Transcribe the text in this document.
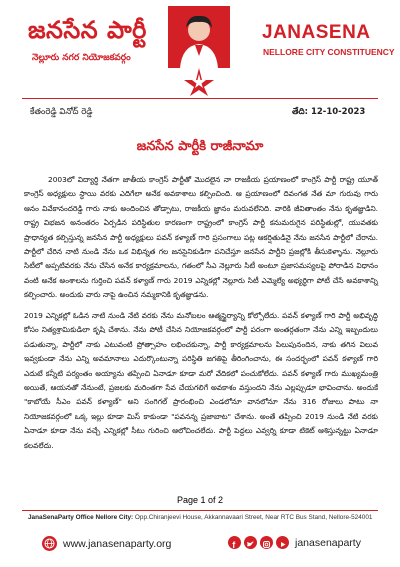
జనసేన పార్టీ
నెల్లూరు నగర నియోజకవర్గం
JANASENA
NELLORE CITY CONSTITUENCY
కేతంరెడ్డి వినోద్ రెడ్డి	తేది: 12-10-2023
జనసేన పార్టీకి రాజీనామా

2003లో విద్యార్థి నేతగా జాతీయ కాంగ్రెస్ పార్టీతో మొదలైన నా రాజకీయ ప్రయాణంలో కాంగ్రెస్ పార్టీ రాష్ట్ర యూత్ కాంగ్రెస్ అధ్యక్షులు స్థాయి వరకు ఎదిగేలా అనేక అవకాశాలు కల్పించింది. ఆ ప్రయాణంలో దివంగత నేత మా గురువు గారు ఆనం వివేకానందరెడ్డి గారు నాకు అందించిన తోడ్పాటు, రాజకీయ జ్ఞానం మరువలేనిది. వారికి జీవితాంతం నేను కృతజ్ఞుడిని. రాష్ట్ర విభజన అనంతరం ఏర్పడిన పరిస్థితుల కారణంగా రాష్ట్రంలో కాంగ్రెస్ పార్టీ కనుమరుగైన పరిస్థితుల్లో, యువతకు ప్రాధాన్యత కల్పిస్తున్న జనసేన పార్టీ అధ్యక్షులు పవన్ కళ్యాణ్ గారి ప్రసంగాలు పట్ల ఆకర్షితుడినై నేను జనసేన పార్టీలో చేరాను. పార్టీలో చేరిన నాటి నుండి నేను ఒక విభిన్నత గల జనసైనికుడిగా పనిచేస్తూ జనసేన పార్టీని ప్రజల్లోకి తీసుకెళ్ళాను. నెల్లూరు సిటీలో అప్పటివరకు నేను చేసిన అనేక కార్యక్రమాలను, గతంలో సీఎ నెల్లూరు సిటీ అంటూ ప్రజాసమస్యలపై పోరాడిన విధానం వంటి అనేక అంశాలను గుర్తించి పవన్ కళ్యాణ్ గారు 2019 ఎన్నికల్లో నెల్లూరు సిటీ ఎమ్మెల్యే అభ్యర్థిగా పోటీ చేసే అవకాశాన్ని కల్పించారు. అందుకు వారు నాపై ఉంచిన నమ్మకానికి కృతజ్ఞుడను.

2019 ఎన్నికల్లో ఓడిన నాటి నుండి నేటి వరకు నేను మనోబలం ఆత్మస్థైర్యాన్ని కోల్పోలేదు. పవన్ కళ్యాణ్ గారి పార్టీ అభివృద్ధి కోసం నిత్యశ్రామికుడిలా కృషి చేశాను. నేను పోటీ చేసిన నియోజకవర్గంలో పార్టీ పరంగా అంతర్గతంగా నేను ఎన్ని ఇబ్బందులు పడుతున్నా, పార్టీలో నాకు ఎటువంటి ప్రోత్సాహం లభించకున్నా, పార్టీ కార్యక్రమాలను పిలుపునందిన, నాకు తగిన విలువ ఇవ్వకుండా నేను ఎన్ని అవమానాలు ఎదుర్కొంటున్నా పరిస్థితి జగతిపై తీరింగించాను, ఈ సందర్భంలో పవన్ కళ్యాణ్ గారి ఎదుటే కన్నీటి పర్యంతం అయ్యాను తప్పించి ఏనాడూ కూడా మరో వేదికలో పంచుకోలేదు. పవన్ కళ్యాణ్ గారు ముఖ్యమంత్రి అయితే, ఆయనతో నేనుంటే, ప్రజలకు మరింతగా సేవ చేయగలిగే అవకాశం వస్తుందని నేను ఎల్లప్పుడూ భావించాను. అందుకే "కాబోయే సీఎం పవన్ కళ్యాణ్" అని సంగిగల్ ప్రారంభించి ఎండలోనూ వానలోనూ నేను 316 రోజులు పాటు నా నియోజకవర్గంలో ఒక్క ఇల్లు కూడా మిస్ కాకుండా "పవనన్న ప్రజాబాట" చేశాను. అంతే తప్పించి 2019 నుండి నేటి వరకు ఏనాడూ కూడా నేను వచ్చే ఎన్నికల్లో సీటు గురించి ఆలోచించలేదు. పార్టీ పెద్దలు ఎవ్వర్ని కూడా టికెట్ ఆశిస్తున్నట్టు ఏనాడూ కలవలేదు.

Page 1 of 2
JanaSenaParty Office Nellore City: Opp.Chiranjeevi House, Akkannavaari Street, Near RTC Bus Stand, Nellore-524001
www.janasenaparty.org	f	janasenaparty
